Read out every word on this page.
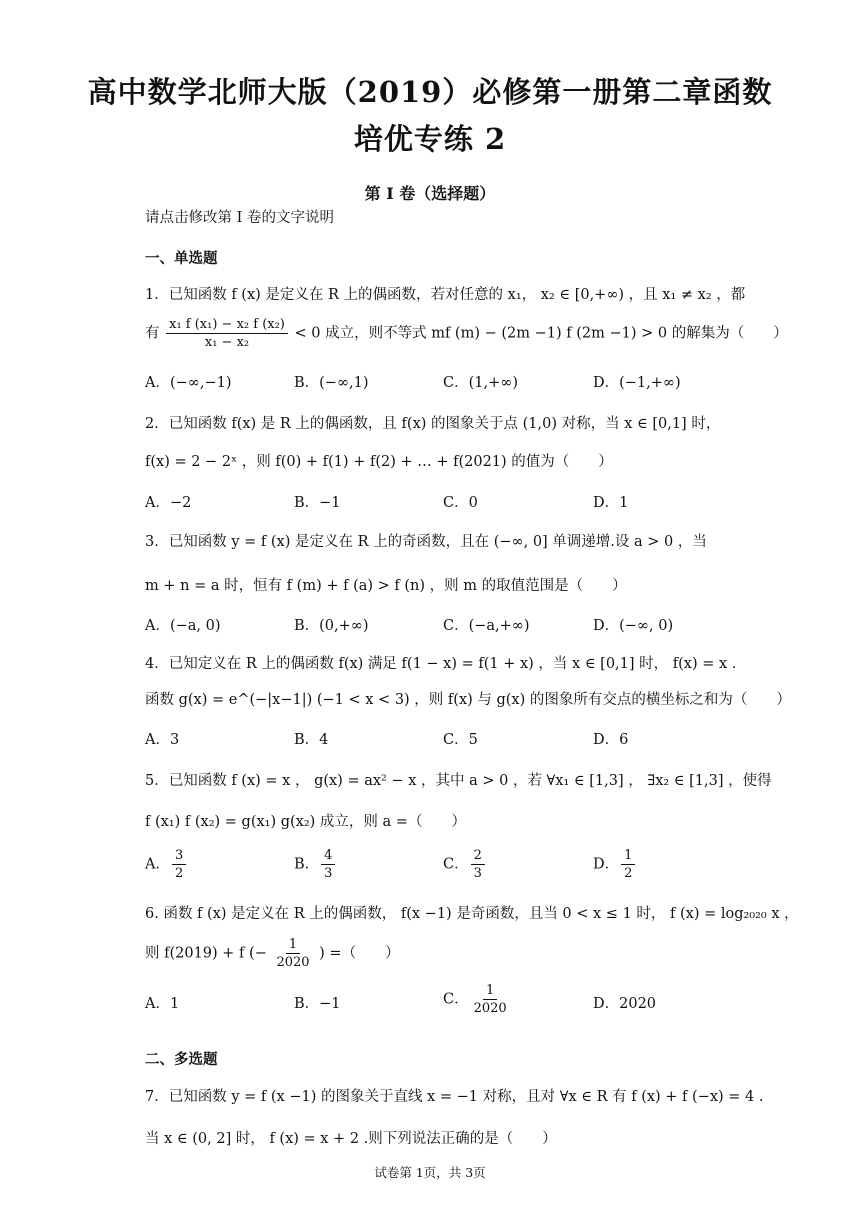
高中数学北师大版（2019）必修第一册第二章函数
培优专练 2
第 I 卷（选择题）
请点击修改第 I 卷的文字说明
一、单选题
1．已知函数 f (x) 是定义在 R 上的偶函数，若对任意的 x₁， x₂ ∈ [0,+∞) ，且 x₁ ≠ x₂ ，都
有 $\frac{\text{x₁ f (x₁) − x₂ f (x₂)}}{\text{x₁ − x₂}} < 0$ 成立，则不等式 mf (m) − (2m −1) f (2m −1) > 0 的解集为（　　）
A．(−∞,−1)	B．(−∞,1)	C．(1,+∞)	D．(−1,+∞)
2．已知函数 f(x) 是 R 上的偶函数，且 f(x) 的图象关于点 (1,0) 对称，当 x ∈ [0,1] 时，
f(x) = 2 − 2ˣ ，则 f(0) + f(1) + f(2) + … + f(2021) 的值为（　　）
A．−2	B．−1	C．0	D．1
3．已知函数 y = f (x) 是定义在 R 上的奇函数，且在 (−∞, 0] 单调递增.设 a > 0 ，当
m + n = a 时，恒有 f (m) + f (a) > f (n) ，则 m 的取值范围是（　　）
A．(−a, 0)	B．(0,+∞)	C．(−a,+∞)	D．(−∞, 0)
4．已知定义在 R 上的偶函数 f(x) 满足 f(1 − x) = f(1 + x) ，当 x ∈ [0,1] 时， f(x) = x .
函数 g(x) = e^(−|x−1|) (−1 < x < 3) ，则 f(x) 与 g(x) 的图象所有交点的横坐标之和为（　　）
A．3	B．4	C．5	D．6
5．已知函数 f (x) = x ， g(x) = ax² − x ，其中 a > 0 ，若 ∀x₁ ∈ [1,3] ， ∃x₂ ∈ [1,3] ，使得
f (x₁) f (x₂) = g(x₁) g(x₂) 成立，则 a =（　　）
A． $\frac{3}{2}$	B． $\frac{4}{3}$	C． $\frac{2}{3}$	D． $\frac{1}{2}$
6. 函数 f (x) 是定义在 R 上的偶函数， f(x −1) 是奇函数，且当 0 < x ≤ 1 时， f (x) = log₂₀₂₀ x ，
则 f(2019) + f (− $\frac{1}{2020}$ ) =（　　）
A．1	B．−1	C． $\frac{1}{2020}$	D．2020
二、多选题
7．已知函数 y = f (x −1) 的图象关于直线 x = −1 对称，且对 ∀x ∈ R 有 f (x) + f (−x) = 4 .
当 x ∈ (0, 2] 时， f (x) = x + 2 .则下列说法正确的是（　　）
试卷第 1页，共 3页
